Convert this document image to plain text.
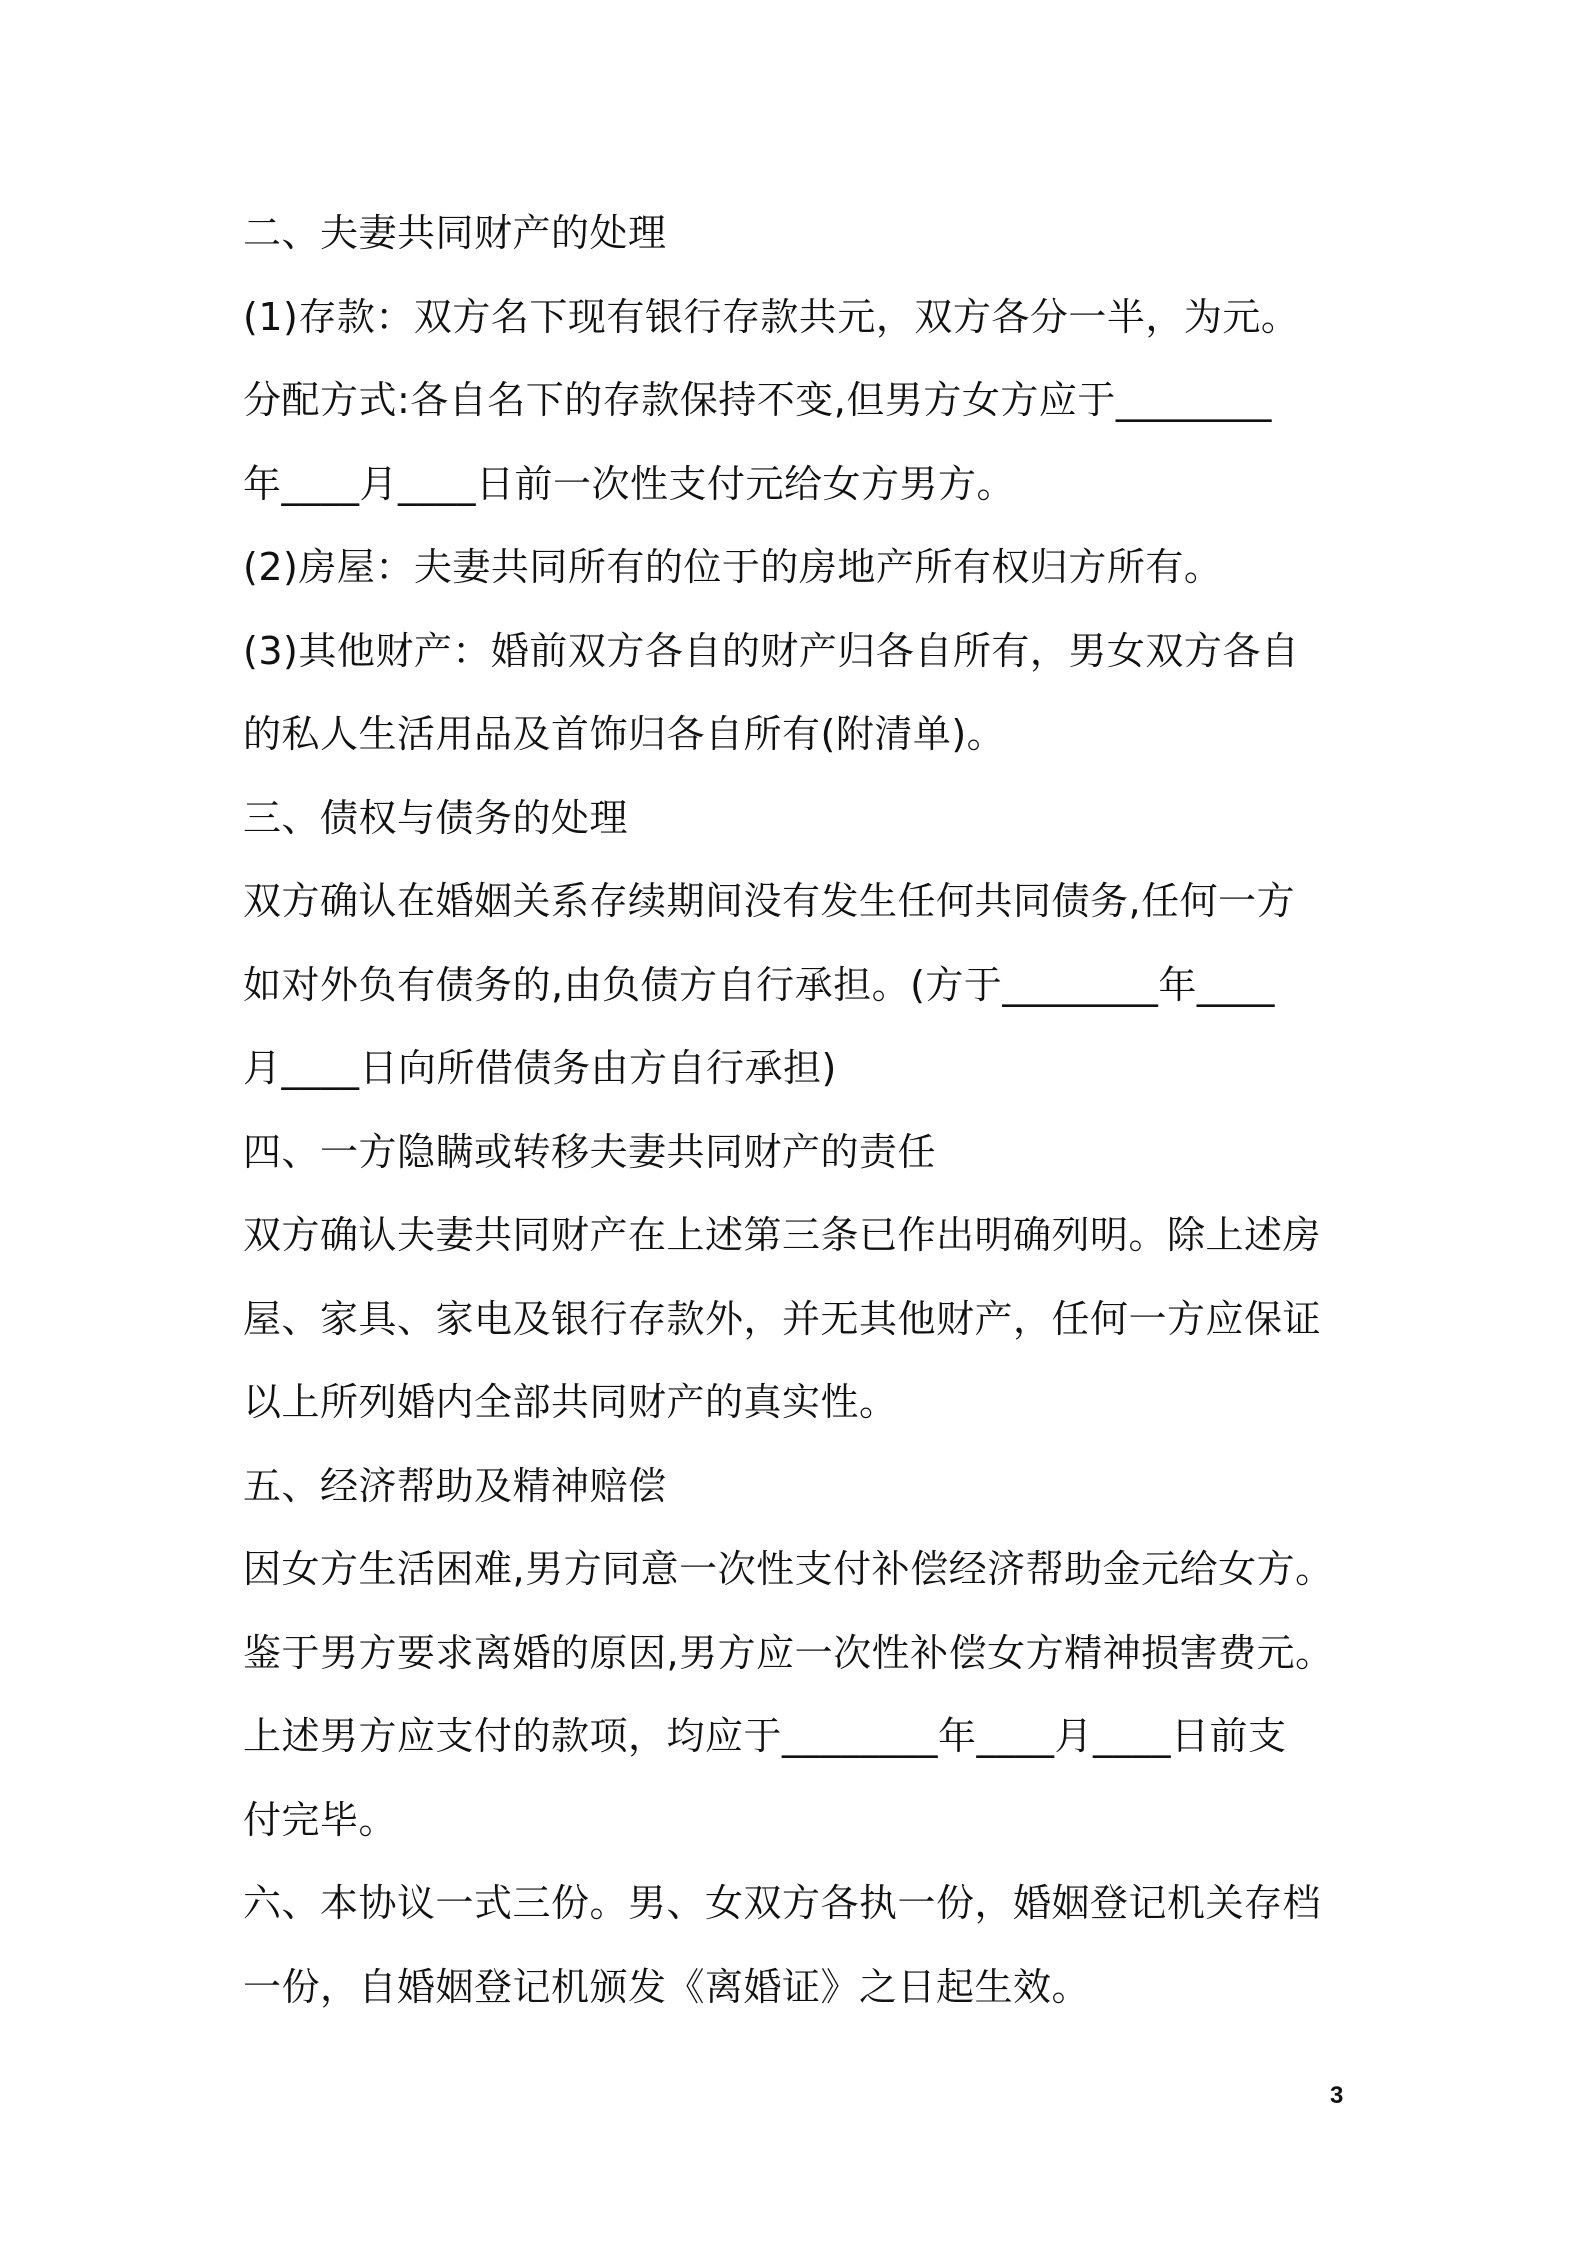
二、夫妻共同财产的处理
(1)存款：双方名下现有银行存款共元，双方各分一半，为元。
分配方式:各自名下的存款保持不变,但男方女方应于________
年____月____日前一次性支付元给女方男方。
(2)房屋：夫妻共同所有的位于的房地产所有权归方所有。
(3)其他财产：婚前双方各自的财产归各自所有，男女双方各自
的私人生活用品及首饰归各自所有(附清单)。
三、债权与债务的处理
双方确认在婚姻关系存续期间没有发生任何共同债务,任何一方
如对外负有债务的,由负债方自行承担。(方于________年____
月____日向所借债务由方自行承担)
四、一方隐瞒或转移夫妻共同财产的责任
双方确认夫妻共同财产在上述第三条已作出明确列明。除上述房
屋、家具、家电及银行存款外，并无其他财产，任何一方应保证
以上所列婚内全部共同财产的真实性。
五、经济帮助及精神赔偿
因女方生活困难,男方同意一次性支付补偿经济帮助金元给女方。
鉴于男方要求离婚的原因,男方应一次性补偿女方精神损害费元。
上述男方应支付的款项，均应于________年____月____日前支
付完毕。
六、本协议一式三份。男、女双方各执一份，婚姻登记机关存档
一份，自婚姻登记机颁发《离婚证》之日起生效。
3
